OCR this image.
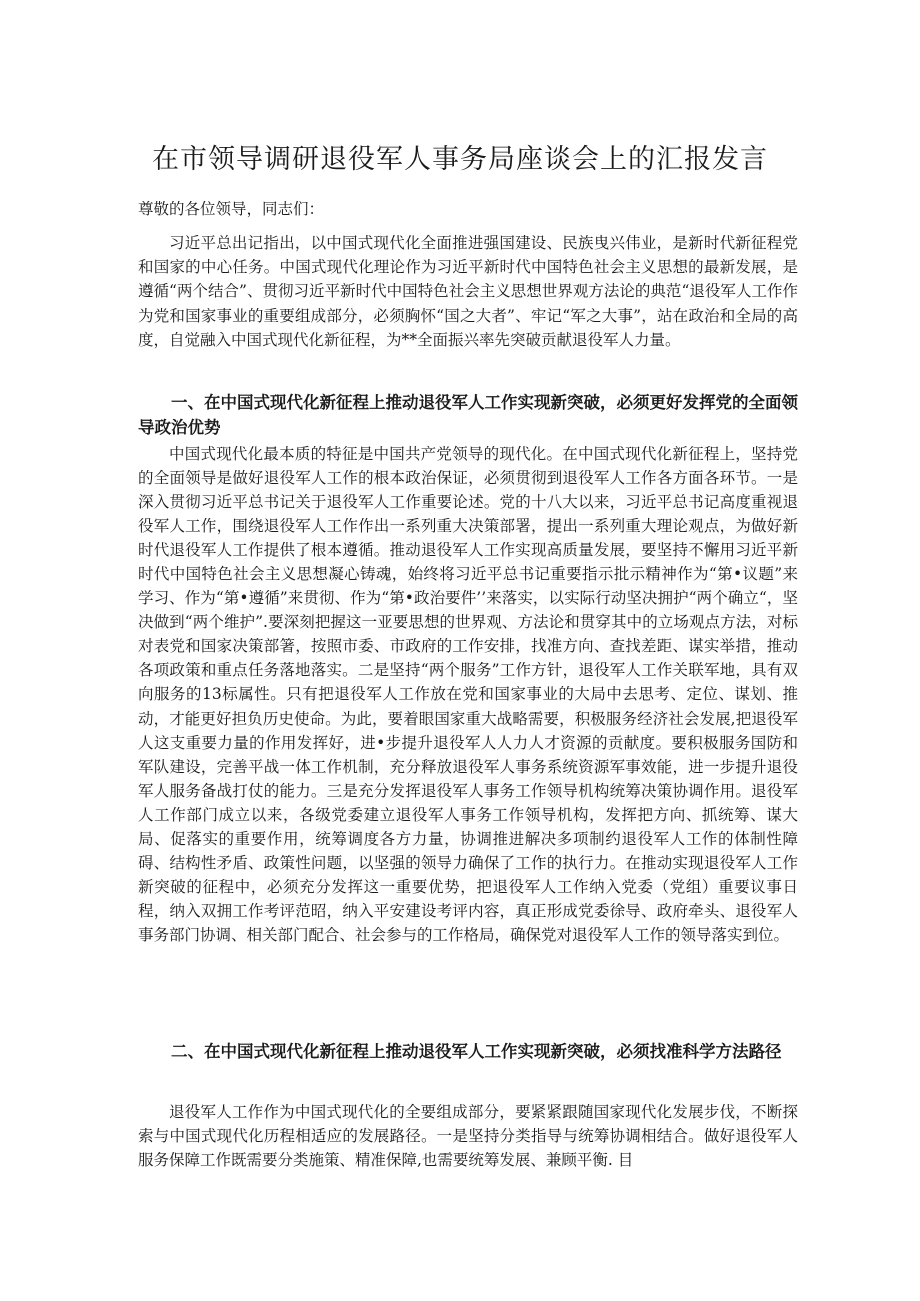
在市领导调研退役军人事务局座谈会上的汇报发言
尊敬的各位领导，同志们：

习近平总出记指出，以中国式现代化全面推进强国建设、民族曳兴伟业，是新时代新征程党和国家的中心任务。中国式现代化理论作为习近平新时代中国特色社会主义思想的最新发展，是遵循“两个结合”、贯彻习近平新时代中国特色社会主义思想世界观方法论的典范“退役军人工作作为党和国家事业的重要组成部分，必须胸怀“国之大者”、牢记“军之大事”，站在政治和全局的高度，自觉融入中国式现代化新征程，为**全面振兴率先突破贡献退役军人力量。

一、在中国式现代化新征程上推动退役军人工作实现新突破，必须更好发挥党的全面领导政治优势

中国式现代化最本质的特征是中国共产党领导的现代化。在中国式现代化新征程上，坚持党的全面领导是做好退役军人工作的根本政治保证，必须贯彻到退役军人工作各方面各环节。一是深入贯彻习近平总书记关于退役军人工作重要论述。党的十八大以来，习近平总书记高度重视退役军人工作，围绕退役军人工作作出一系列重大决策部署，提出一系列重大理论观点，为做好新时代退役军人工作提供了根本遵循。推动退役军人工作实现高质量发展，要坚持不懈用习近平新时代中国特色社会主义思想凝心铸魂，始终将习近平总书记重要指示批示精神作为“第•议题”来学习、作为“第•遵循”来贯彻、作为“第•政治要件’’来落实，以实际行动坚决拥护“两个确立“，坚决做到“两个维护”.要深刻把握这一亚要思想的世界观、方法论和贯穿其中的立场观点方法，对标对表党和国家决策部箸，按照市委、市政府的工作安排，找准方向、查找差距、谋实举措，推动各项政策和重点任务落地落实。二是坚持“两个服务”工作方针，退役军人工作关联军地，具有双向服务的13标属性。只有把退役军人工作放在党和国家事业的大局中去思考、定位、谋划、推动，才能更好担负历史使命。为此，要着眼国家重大战略需要，积极服务经济社会发展,把退役军人这支重要力量的作用发挥好，进•步提升退役军人人力人才资源的贡献度。要积极服务国防和军队建设，完善平战一体工作机制，充分释放退役军人事务系统资源军事效能，进一步提升退役军人服务备战打仗的能力。三是充分发挥退役军人事务工作领导机构统筹决策协调作用。退役军人工作部门成立以来，各级党委建立退役军人事务工作领导机构，发挥把方向、抓统筹、谋大局、促落实的重要作用，统筹调度各方力量，协调推进解决多项制约退役军人工作的体制性障碍、结构性矛盾、政策性问题，以坚强的领导力确保了工作的执行力。在推动实现退役军人工作新突破的征程中，必须充分发挥这一重要优势，把退役军人工作纳入党委（党组）重要议事日程，纳入双拥工作考评范昭，纳入平安建设考评内容，真正形成党委徐导、政府牵头、退役军人事务部门协调、相关部门配合、社会参与的工作格局，确保党对退役军人工作的领导落实到位。

二、在中国式现代化新征程上推动退役军人工作实现新突破，必须找准科学方法路径

退役军人工作作为中国式现代化的全要组成部分，要紧紧跟随国家现代化发展步伐，不断探索与中国式现代化历程相适应的发展路径。一是坚持分类指导与统筹协调相结合。做好退役军人服务保障工作既需要分类施策、精准保障,也需要统筹发展、兼顾平衡. 目
